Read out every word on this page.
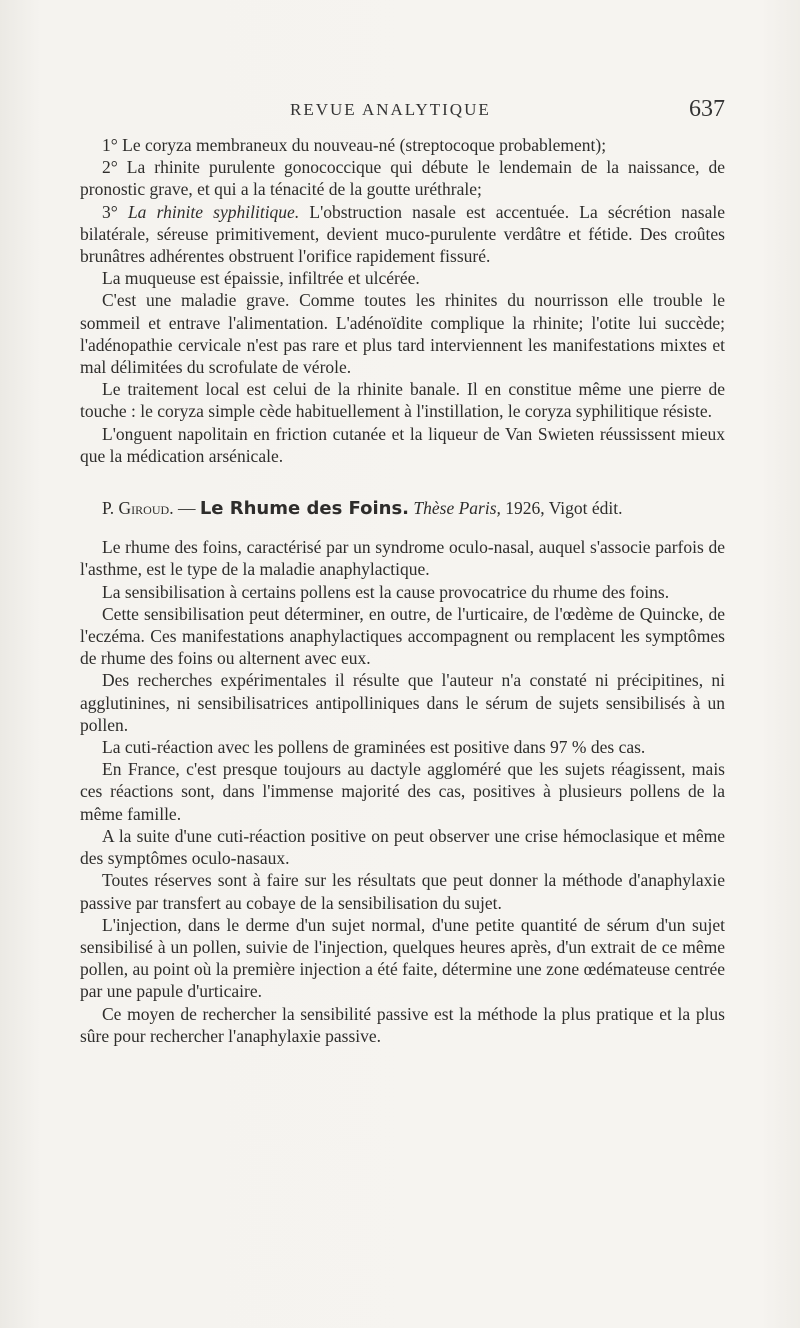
REVUE ANALYTIQUE	637

1° Le coryza membraneux du nouveau-né (streptocoque probablement);

2° La rhinite purulente gonococcique qui débute le lendemain de la naissance, de pronostic grave, et qui a la ténacité de la goutte uréthrale;

3° La rhinite syphilitique. L'obstruction nasale est accentuée. La sécrétion nasale bilatérale, séreuse primitivement, devient muco-purulente verdâtre et fétide. Des croûtes brunâtres adhérentes obstruent l'orifice rapidement fissuré.

La muqueuse est épaissie, infiltrée et ulcérée.

C'est une maladie grave. Comme toutes les rhinites du nourrisson elle trouble le sommeil et entrave l'alimentation. L'adénoïdite complique la rhinite; l'otite lui succède; l'adénopathie cervicale n'est pas rare et plus tard interviennent les manifestations mixtes et mal délimitées du scrofulate de vérole.

Le traitement local est celui de la rhinite banale. Il en constitue même une pierre de touche : le coryza simple cède habituellement à l'instillation, le coryza syphilitique résiste.

L'onguent napolitain en friction cutanée et la liqueur de Van Swieten réussissent mieux que la médication arsénicale.

P. Giroud. — Le Rhume des Foins. Thèse Paris, 1926, Vigot édit.

Le rhume des foins, caractérisé par un syndrome oculo-nasal, auquel s'associe parfois de l'asthme, est le type de la maladie anaphylactique.

La sensibilisation à certains pollens est la cause provocatrice du rhume des foins.

Cette sensibilisation peut déterminer, en outre, de l'urticaire, de l'œdème de Quincke, de l'eczéma. Ces manifestations anaphylactiques accompagnent ou remplacent les symptômes de rhume des foins ou alternent avec eux.

Des recherches expérimentales il résulte que l'auteur n'a constaté ni précipitines, ni agglutinines, ni sensibilisatrices antipolliniques dans le sérum de sujets sensibilisés à un pollen.

La cuti-réaction avec les pollens de graminées est positive dans 97 % des cas.

En France, c'est presque toujours au dactyle aggloméré que les sujets réagissent, mais ces réactions sont, dans l'immense majorité des cas, positives à plusieurs pollens de la même famille.

A la suite d'une cuti-réaction positive on peut observer une crise hémoclasique et même des symptômes oculo-nasaux.

Toutes réserves sont à faire sur les résultats que peut donner la méthode d'anaphylaxie passive par transfert au cobaye de la sensibilisation du sujet.

L'injection, dans le derme d'un sujet normal, d'une petite quantité de sérum d'un sujet sensibilisé à un pollen, suivie de l'injection, quelques heures après, d'un extrait de ce même pollen, au point où la première injection a été faite, détermine une zone œdémateuse centrée par une papule d'urticaire.

Ce moyen de rechercher la sensibilité passive est la méthode la plus pratique et la plus sûre pour rechercher l'anaphylaxie passive.
